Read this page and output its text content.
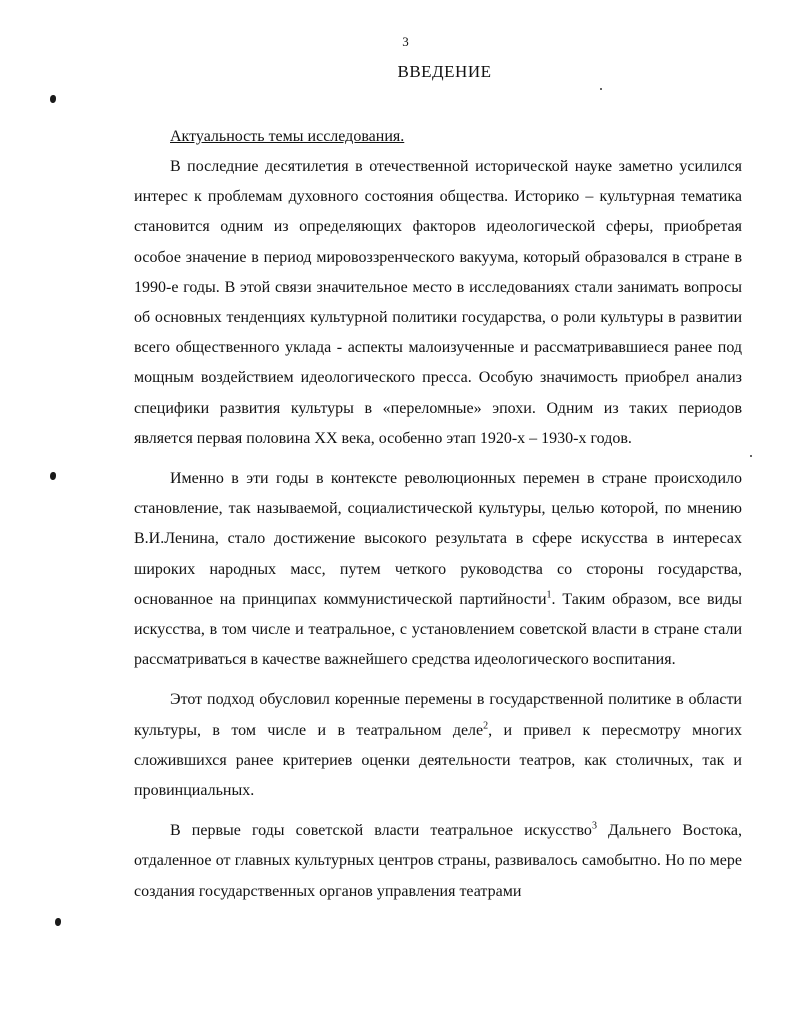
3
ВВЕДЕНИЕ

Актуальность темы исследования.

В последние десятилетия в отечественной исторической науке заметно усилился интерес к проблемам духовного состояния общества. Историко – культурная тематика становится одним из определяющих факторов идеологической сферы, приобретая особое значение в период мировоззренческого вакуума, который образовался в стране в 1990-е годы. В этой связи значительное место в исследованиях стали занимать вопросы об основных тенденциях культурной политики государства, о роли культуры в развитии всего общественного уклада - аспекты малоизученные и рассматривавшиеся ранее под мощным воздействием идеологического пресса. Особую значимость приобрел анализ специфики развития культуры в «переломные» эпохи. Одним из таких периодов является первая половина XX века, особенно этап 1920-х – 1930-х годов.

Именно в эти годы в контексте революционных перемен в стране происходило становление, так называемой, социалистической культуры, целью которой, по мнению В.И.Ленина, стало достижение высокого результата в сфере искусства в интересах широких народных масс, путем четкого руководства со стороны государства, основанное на принципах коммунистической партийности$^1$. Таким образом, все виды искусства, в том числе и театральное, с установлением советской власти в стране стали рассматриваться в качестве важнейшего средства идеологического воспитания.

Этот подход обусловил коренные перемены в государственной политике в области культуры, в том числе и в театральном деле$^2$, и привел к пересмотру многих сложившихся ранее критериев оценки деятельности театров, как столичных, так и провинциальных.

В первые годы советской власти театральное искусство$^3$ Дальнего Востока, отдаленное от главных культурных центров страны, развивалось самобытно. Но по мере создания государственных органов управления театрами
